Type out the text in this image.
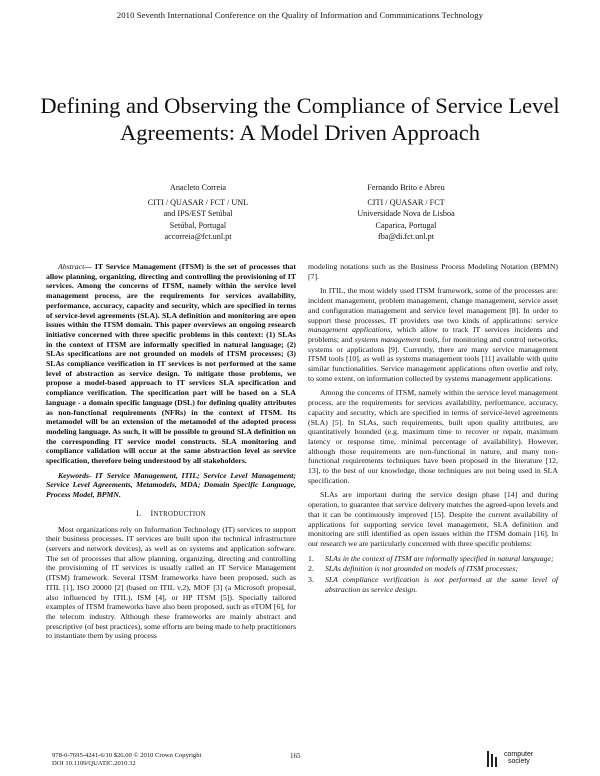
2010 Seventh International Conference on the Quality of Information and Communications Technology
Defining and Observing the Compliance of Service Level Agreements: A Model Driven Approach
Anacleto Correia
CITI / QUASAR / FCT / UNL
and IPS/EST Setúbal
Setúbal, Portugal
accorreia@fct.unl.pt
Fernando Brito e Abreu
CITI / QUASAR / FCT
Universidade Nova de Lisboa
Caparica, Portugal
fba@di.fct.unl.pt

Abstract— IT Service Management (ITSM) is the set of processes that allow planning, organizing, directing and controlling the provisioning of IT services. Among the concerns of ITSM, namely within the service level management process, are the requirements for services availability, performance, accuracy, capacity and security, which are specified in terms of service-level agreements (SLA). SLA definition and monitoring are open issues within the ITSM domain. This paper overviews an ongoing research initiative concerned with three specific problems in this context: (1) SLAs in the context of ITSM are informally specified in natural language; (2) SLAs specifications are not grounded on models of ITSM processes; (3) SLAs compliance verification in IT services is not performed at the same level of abstraction as service design. To mitigate those problems, we propose a model-based approach to IT services SLA specification and compliance verification. The specification part will be based on a SLA language - a domain specific language (DSL) for defining quality attributes as non-functional requirements (NFRs) in the context of ITSM. Its metamodel will be an extension of the metamodel of the adopted process modeling language. As such, it will be possible to ground SLA definition on the corresponding IT service model constructs. SLA monitoring and compliance validation will occur at the same abstraction level as service specification, therefore being understood by all stakeholders.

Keywords- IT Service Management, ITIL; Service Level Management; Service Level Agreements, Metamodels, MDA; Domain Specific Language, Process Model, BPMN.

I. INTRODUCTION

Most organizations rely on Information Technology (IT) services to support their business processes. IT services are built upon the technical infrastructure (servers and network devices), as well as on systems and application software. The set of processes that allow planning, organizing, directing and controlling the provisioning of IT services is usually called an IT Service Management (ITSM) framework. Several ITSM frameworks have been proposed, such as ITIL [1], ISO 20000 [2] (based on ITIL v.2), MOF [3] (a Microsoft proposal, also influenced by ITIL), ISM [4], or HP ITSM [5]). Specially tailored examples of ITSM frameworks have also been proposed, such as eTOM [6], for the telecom industry. Although these frameworks are mainly abstract and prescriptive (of best practices), some efforts are being made to help practitioners to instantiate them by using process

modeling notations such as the Business Process Modeling Notation (BPMN) [7].

In ITIL, the most widely used ITSM framework, some of the processes are: incident management, problem management, change management, service asset and configuration management and service level management [8]. In order to support these processes, IT providers use two kinds of applications: service management applications, which allow to track IT services incidents and problems; and systems management tools, for monitoring and control networks, systems or applications [9]. Currently, there are many service management ITSM tools [10], as well as systems management tools [11] available with quite similar functionalities. Service management applications often overlie and rely, to some extent, on information collected by systems management applications.

Among the concerns of ITSM, namely within the service level management process, are the requirements for services availability, performance, accuracy, capacity and security, which are specified in terms of service-level agreements (SLA) [5]. In SLAs, such requirements, built upon quality attributes, are quantitatively bounded (e.g. maximum time to recover or repair, maximum latency or response time, minimal percentage of availability). However, although those requirements are non-functional in nature, and many non-functional requirements techniques have been proposed in the literature [12, 13], to the best of our knowledge, those techniques are not being used in SLA specification.

SLAs are important during the service design phase [14] and during operation, to guarantee that service delivery matches the agreed-upon levels and that it can be continuously improved [15]. Despite the current availability of applications for supporting service level management, SLA definition and monitoring are still identified as open issues within the ITSM domain [16]. In our research we are particularly concerned with three specific problems:

1. SLAs in the context of ITSM are informally specified in natural language;
2. SLAs definition is not grounded on models of ITSM processes;
3. SLA compliance verification is not performed at the same level of abstraction as service design.
978-0-7695-4241-6/10 $26.00 © 2010 Crown Copyright
DOI 10.1109/QUATIC.2010.32
165	computer
society
